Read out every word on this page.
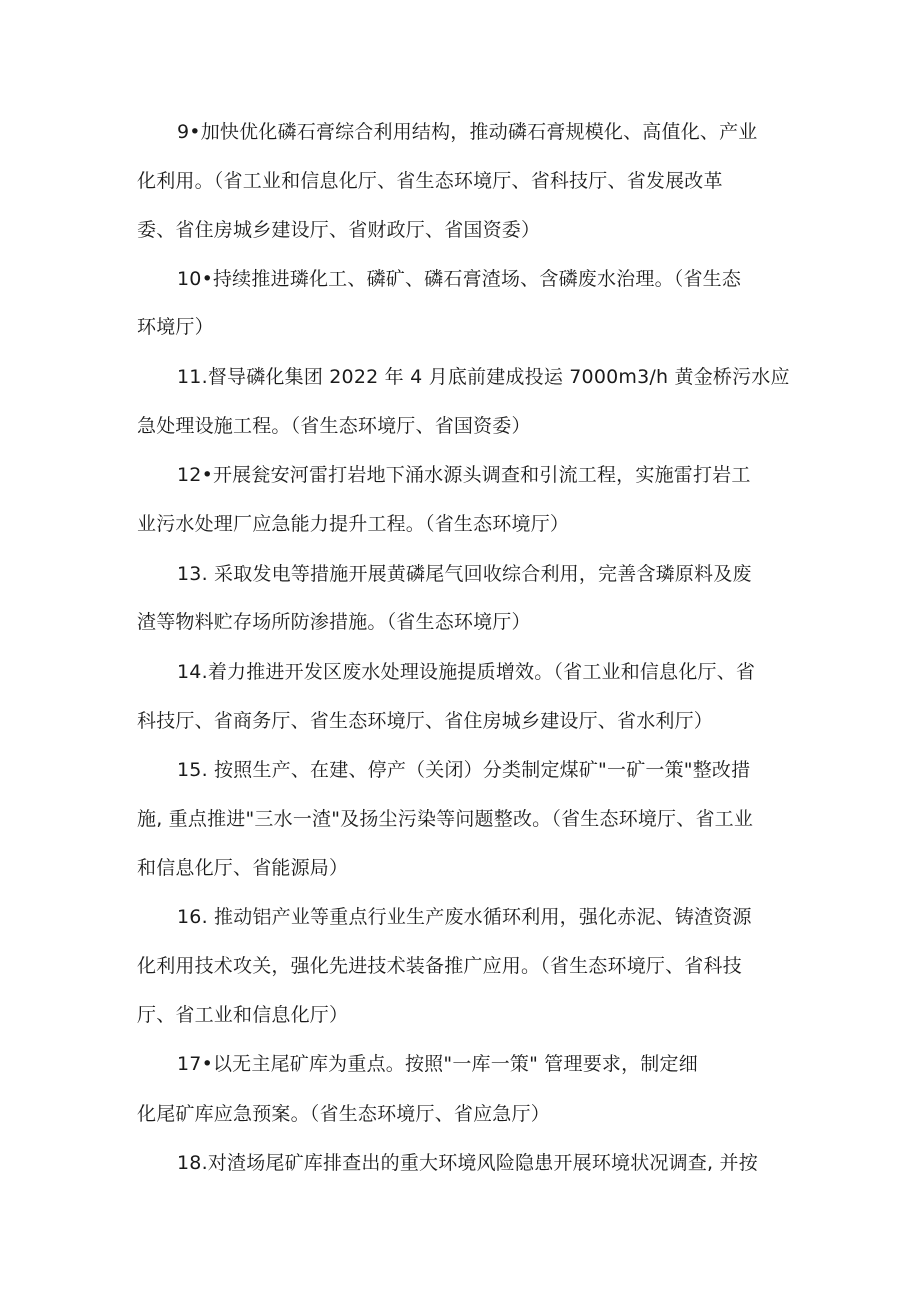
9•加快优化磷石膏综合利用结构，推动磷石膏规模化、高值化、产业
化利用。（省工业和信息化厅、省生态环境厅、省科技厅、省发展改革
委、省住房城乡建设厅、省财政厅、省国资委）
10•持续推进璘化工、磷矿、磷石膏渣场、含磷废水治理。（省生态
环境厅）
11.督导磷化集团 2022 年 4 月底前建成投运 7000m3/h 黄金桥污水应
急处理设施工程。（省生态环境厅、省国资委）
12•开展瓮安河雷打岩地下涌水源头调查和引流工程，实施雷打岩工
业污水处理厂应急能力提升工程。（省生态环境厅）
13. 采取发电等措施开展黄磷尾气回收综合利用，完善含璘原料及废
渣等物料贮存场所防渗措施。（省生态环境厅）
14.着力推进开发区废水处理设施提质增效。（省工业和信息化厅、省
科技厅、省商务厅、省生态环境厅、省住房城乡建设厅、省水利厅）
15. 按照生产、在建、停产（关闭）分类制定煤矿"一矿一策"整改措
施, 重点推进"三水一渣"及扬尘污染等问题整改。（省生态环境厅、省工业
和信息化厅、省能源局）
16. 推动铝产业等重点行业生产废水循环利用，强化赤泥、铸渣资源
化利用技术攻关，强化先进技术装备推广应用。（省生态环境厅、省科技
厅、省工业和信息化厅）
17•以无主尾矿库为重点。按照"一库一策" 管理要求，制定细
化尾矿库应急预案。（省生态环境厅、省应急厅）
18.对渣场尾矿库排查出的重大环境风险隐患开展环境状况调查, 并按
